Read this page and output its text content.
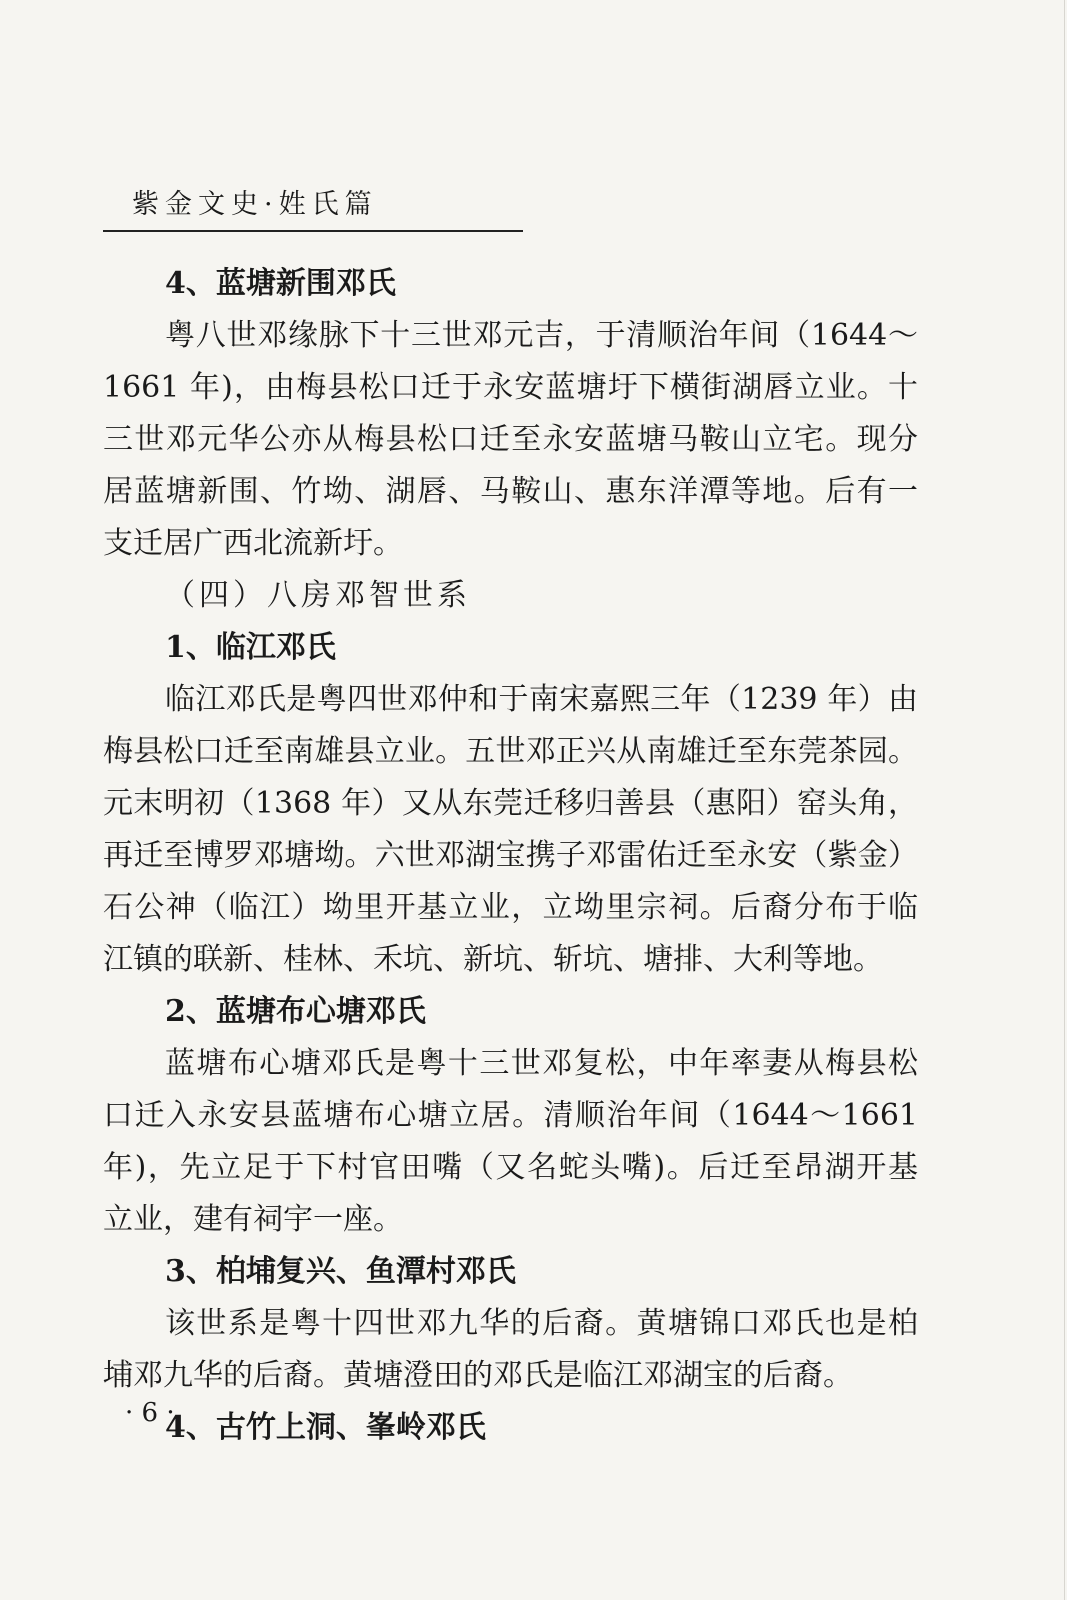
紫金文史·姓氏篇
4、蓝塘新围邓氏
粤八世邓缘脉下十三世邓元吉，于清顺治年间（1644～
1661 年)，由梅县松口迁于永安蓝塘圩下横街湖唇立业。十
三世邓元华公亦从梅县松口迁至永安蓝塘马鞍山立宅。现分
居蓝塘新围、竹坳、湖唇、马鞍山、惠东洋潭等地。后有一
支迁居广西北流新圩。
（四）八房邓智世系
1、临江邓氏
临江邓氏是粤四世邓仲和于南宋嘉熙三年（1239 年）由
梅县松口迁至南雄县立业。五世邓正兴从南雄迁至东莞茶园。
元末明初（1368 年）又从东莞迁移归善县（惠阳）窑头角，
再迁至博罗邓塘坳。六世邓湖宝携子邓雷佑迁至永安（紫金）
石公神（临江）坳里开基立业，立坳里宗祠。后裔分布于临
江镇的联新、桂林、禾坑、新坑、斩坑、塘排、大利等地。
2、蓝塘布心塘邓氏
蓝塘布心塘邓氏是粤十三世邓复松，中年率妻从梅县松
口迁入永安县蓝塘布心塘立居。清顺治年间（1644～1661
年)，先立足于下村官田嘴（又名蛇头嘴)。后迁至昂湖开基
立业，建有祠宇一座。
3、柏埔复兴、鱼潭村邓氏
该世系是粤十四世邓九华的后裔。黄塘锦口邓氏也是柏
埔邓九华的后裔。黄塘澄田的邓氏是临江邓湖宝的后裔。
4、古竹上洞、峯岭邓氏
· 6 ·
